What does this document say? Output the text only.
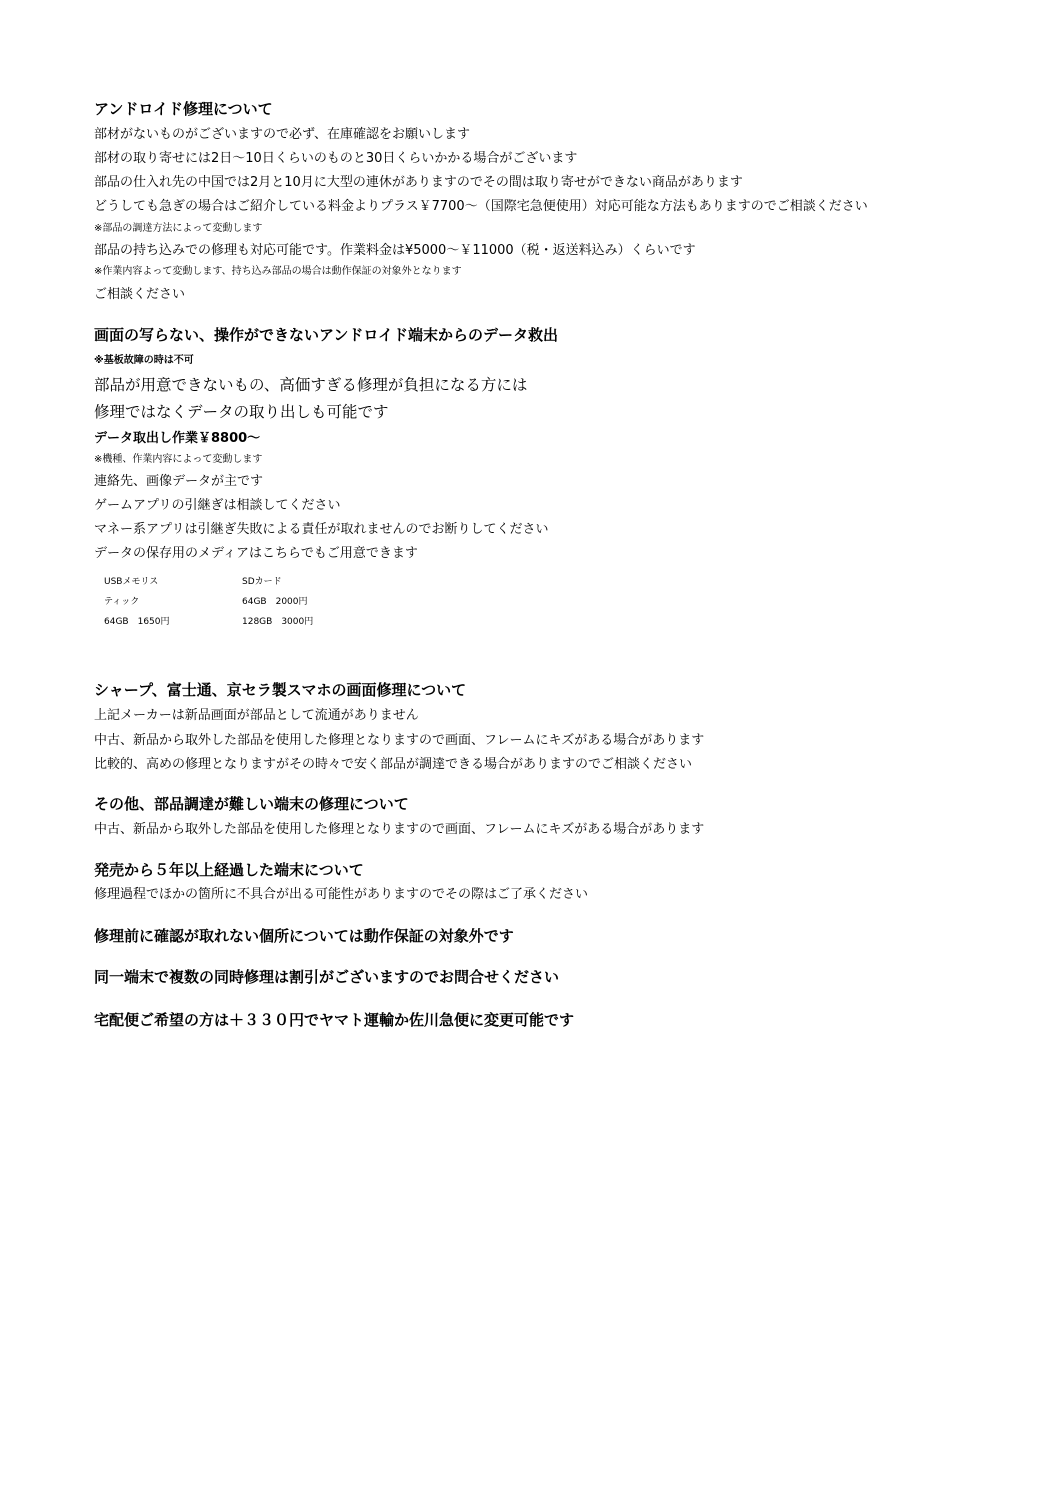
アンドロイド修理について
部材がないものがございますので必ず、在庫確認をお願いします
部材の取り寄せには2日〜10日くらいのものと30日くらいかかる場合がございます
部品の仕入れ先の中国では2月と10月に大型の連休がありますのでその間は取り寄せができない商品があります
どうしても急ぎの場合はご紹介している料金よりプラス￥7700〜（国際宅急便使用）対応可能な方法もありますのでご相談ください
※部品の調達方法によって変動します
部品の持ち込みでの修理も対応可能です。作業料金は¥5000〜￥11000（税・返送料込み）くらいです
※作業内容よって変動します、持ち込み部品の場合は動作保証の対象外となります
ご相談ください
画面の写らない、操作ができないアンドロイド端末からのデータ救出
※基板故障の時は不可
部品が用意できないもの、高価すぎる修理が負担になる方には
修理ではなくデータの取り出しも可能です
データ取出し作業￥8800〜
※機種、作業内容によって変動します
連絡先、画像データが主です
ゲームアプリの引継ぎは相談してください
マネー系アプリは引継ぎ失敗による責任が取れませんのでお断りしてください
データの保存用のメディアはこちらでもご用意できます
USBメモリス
ティック
64GB　1650円
SDカード
64GB　2000円
128GB　3000円
シャープ、富士通、京セラ製スマホの画面修理について
上記メーカーは新品画面が部品として流通がありません
中古、新品から取外した部品を使用した修理となりますので画面、フレームにキズがある場合があります
比較的、高めの修理となりますがその時々で安く部品が調達できる場合がありますのでご相談ください
その他、部品調達が難しい端末の修理について
中古、新品から取外した部品を使用した修理となりますので画面、フレームにキズがある場合があります
発売から５年以上経過した端末について
修理過程でほかの箇所に不具合が出る可能性がありますのでその際はご了承ください
修理前に確認が取れない個所については動作保証の対象外です
同一端末で複数の同時修理は割引がございますのでお問合せください
宅配便ご希望の方は＋３３０円でヤマト運輸か佐川急便に変更可能です
